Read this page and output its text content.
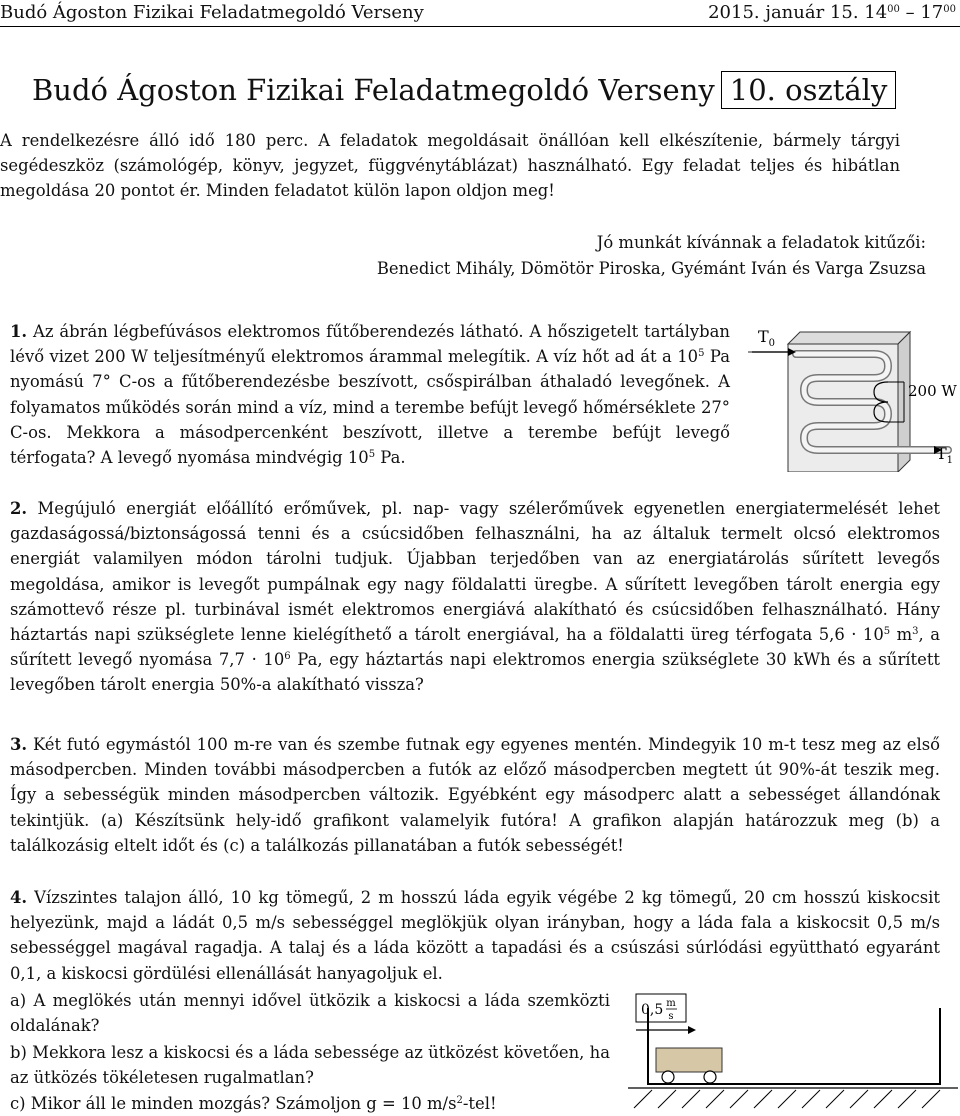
Budó Ágoston Fizikai Feladatmegoldó Verseny	2015. január 15. $14^{00} - 17^{00}$
Budó Ágoston Fizikai Feladatmegoldó Verseny 10. osztály
A rendelkezésre álló idő 180 perc. A feladatok megoldásait önállóan kell elkészítenie, bármely tárgyi segédeszköz (számológép, könyv, jegyzet, függvénytáblázat) használható. Egy feladat teljes és hibátlan megoldása 20 pontot ér. Minden feladatot külön lapon oldjon meg!
Jó munkát kívánnak a feladatok kitűzői:
Benedict Mihály, Dömötör Piroska, Gyémánt Iván és Varga Zsuzsa
1. Az ábrán légbefúvásos elektromos fűtőberendezés látható. A hőszigetelt tartályban lévő vizet 200 W teljesítményű elektromos árammal melegítik. A víz hőt ad át a $10^5$ Pa nyomású 7° C-os a fűtőberendezésbe beszívott, csőspirálban áthaladó levegőnek. A folyamatos működés során mind a víz, mind a terembe befújt levegő hőmérséklete 27° C-os. Mekkora a másodpercenként beszívott, illetve a terembe befújt levegő térfogata? A levegő nyomása mindvégig $10^5$ Pa.
$T_0$
$T_1$
200 W
2. Megújuló energiát előállító erőművek, pl. nap- vagy szélerőművek egyenetlen energiatermelését lehet gazdaságossá/biztonságossá tenni és a csúcsidőben felhasználni, ha az általuk termelt olcsó elektromos energiát valamilyen módon tárolni tudjuk. Újabban terjedőben van az energiatárolás sűrített levegős megoldása, amikor is levegőt pumpálnak egy nagy földalatti üregbe. A sűrített levegőben tárolt energia egy számottevő része pl. turbinával ismét elektromos energiává alakítható és csúcsidőben felhasználható. Hány háztartás napi szükséglete lenne kielégíthető a tárolt energiával, ha a földalatti üreg térfogata $5,6 \cdot 10^5$ $m^3$, a sűrített levegő nyomása $7,7 \cdot 10^6$ Pa, egy háztartás napi elektromos energia szükséglete 30 kWh és a sűrített levegőben tárolt energia 50%-a alakítható vissza?
3. Két futó egymástól 100 m-re van és szembe futnak egy egyenes mentén. Mindegyik 10 m-t tesz meg az első másodpercben. Minden további másodpercben a futók az előző másodpercben megtett út 90%-át teszik meg. Így a sebességük minden másodpercben változik. Egyébként egy másodperc alatt a sebességet állandónak tekintjük. (a) Készítsünk hely-idő grafikont valamelyik futóra! A grafikon alapján határozzuk meg (b) a találkozásig eltelt időt és (c) a találkozás pillanatában a futók sebességét!
4. Vízszintes talajon álló, 10 kg tömegű, 2 m hosszú láda egyik végébe 2 kg tömegű, 20 cm hosszú kiskocsit helyezünk, majd a ládát 0,5 m/s sebességgel meglökjük olyan irányban, hogy a láda fala a kiskocsit 0,5 m/s sebességgel magával ragadja. A talaj és a láda között a tapadási és a csúszási súrlódási együttható egyaránt 0,1, a kiskocsi gördülési ellenállását hanyagoljuk el.
a) A meglökés után mennyi idővel ütközik a kiskocsi a láda szemközti oldalának?
b) Mekkora lesz a kiskocsi és a láda sebessége az ütközést követően, ha az ütközés tökéletesen rugalmatlan?
c) Mikor áll le minden mozgás? Számoljon g = 10 $m/s^2$-tel!
0,5 m
s
